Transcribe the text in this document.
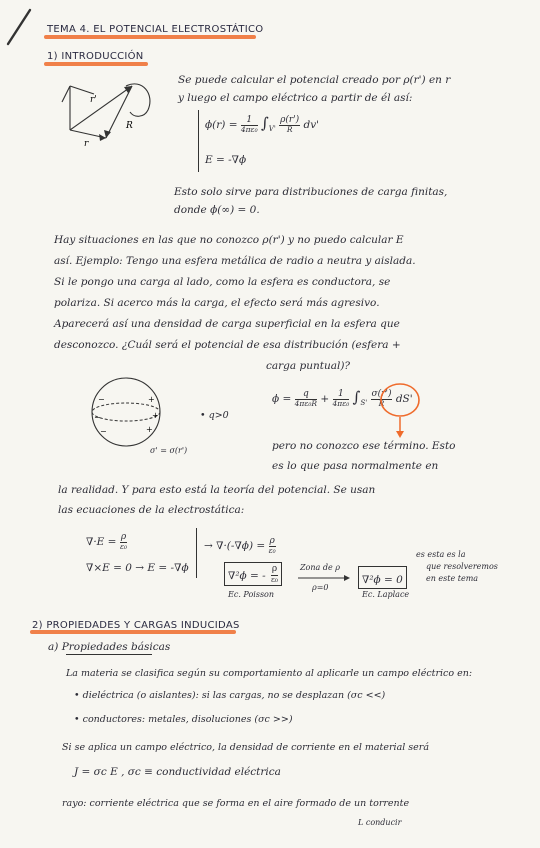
TEMA 4. EL POTENCIAL ELECTROSTÁTICO
1) INTRODUCCIÓN
r'
R
r
Se puede calcular el potencial creado por ρ(r') en r
y luego el campo eléctrico a partir de él así:
$\phi(r) = \frac{1}{\text{4πε₀}} \int_{V'} \frac{\rho(r')}{R} dv'$
E = -∇ϕ
Esto solo sirve para distribuciones de carga finitas,
donde ϕ(∞) = 0.
Hay situaciones en las que no conozco ρ(r') y no puedo calcular E
así. Ejemplo: Tengo una esfera metálica de radio a neutra y aislada.
Si le pongo una carga al lado, como la esfera es conductora, se
polariza. Si acerco más la carga, el efecto será más agresivo.
Aparecerá así una densidad de carga superficial en la esfera que
desconozco. ¿Cuál será el potencial de esa distribución (esfera +
carga puntual)?
+
+
+
−
−
−
• q>0
σ' = σ(r')
$\phi = \frac{q}{\text{4πε₀R}} + \frac{1}{\text{4πε₀}} \int_{S'} \frac{\sigma(r')}{R} dS'$
pero no conozco ese término. Esto
es lo que pasa normalmente en
la realidad. Y para esto está la teoría del potencial. Se usan
las ecuaciones de la electrostática:
$\nabla\cdot E = \frac{\rho}{\text{ε₀}}$
∇×E = 0 → E = -∇ϕ
→ $\nabla\cdot(-\nabla\phi) = \frac{\rho}{\text{ε₀}}$
∇²ϕ = - $\frac{\rho}{\text{ε₀}}$
Ec. Poisson
Zona de ρ
ρ=0
∇²ϕ = 0
Ec. Laplace
es esta es la
que resolveremos
en este tema
2) PROPIEDADES Y CARGAS INDUCIDAS
a) Propiedades básicas
La materia se clasifica según su comportamiento al aplicarle un campo eléctrico en:
• dieléctrica (o aislantes): si las cargas, no se desplazan (σc <<)
• conductores: metales, disoluciones (σc >>)
Si se aplica un campo eléctrico, la densidad de corriente en el material será
J = σc E , σc ≡ conductividad eléctrica
rayo: corriente eléctrica que se forma en el aire formado de un torrente
L conducir
